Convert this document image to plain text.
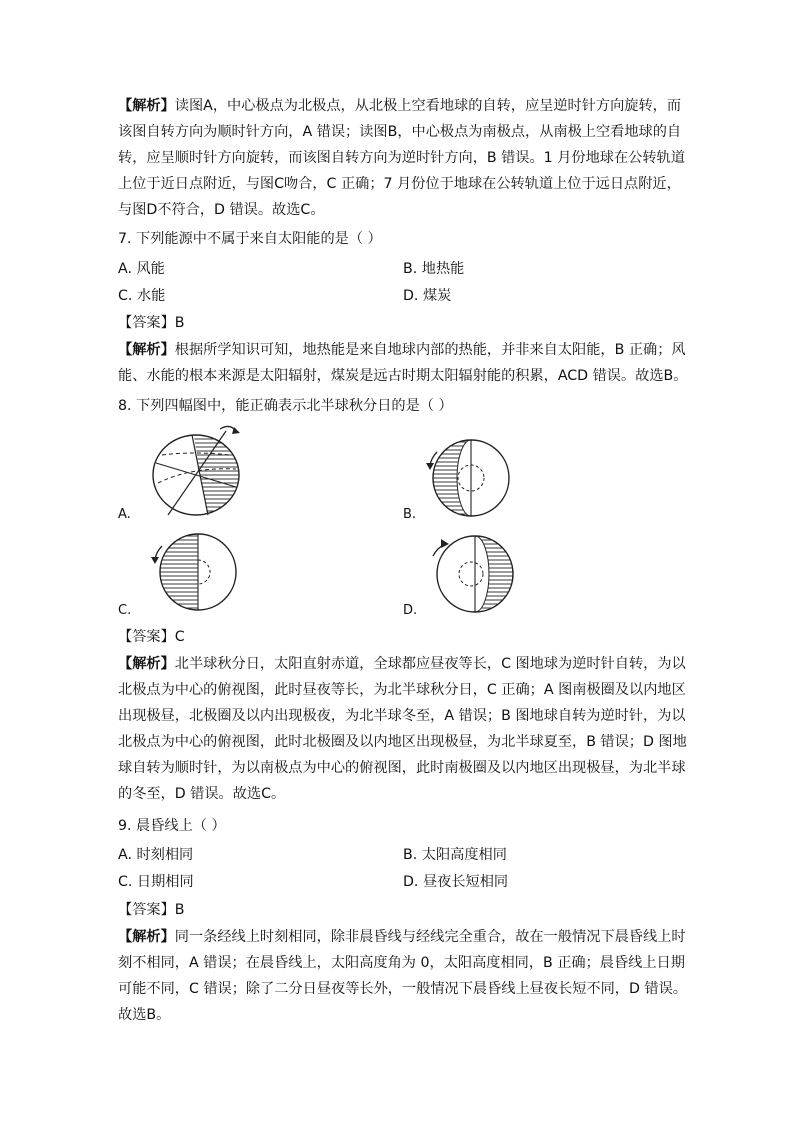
【解析】读图A，中心极点为北极点，从北极上空看地球的自转，应呈逆时针方向旋转，而
该图自转方向为顺时针方向，A 错误；读图B，中心极点为南极点，从南极上空看地球的自
转，应呈顺时针方向旋转，而该图自转方向为逆时针方向，B 错误。1 月份地球在公转轨道
上位于近日点附近，与图C吻合，C 正确；7 月份位于地球在公转轨道上位于远日点附近，
与图D不符合，D 错误。故选C。
7. 下列能源中不属于来自太阳能的是（ ）
A. 风能	B. 地热能
C. 水能	D. 煤炭
【答案】B
【解析】根据所学知识可知，地热能是来自地球内部的热能，并非来自太阳能，B 正确；风
能、水能的根本来源是太阳辐射，煤炭是远古时期太阳辐射能的积累，ACD 错误。故选B。
8. 下列四幅图中，能正确表示北半球秋分日的是（ ）
A.	B.
C.	D.
【答案】C
【解析】北半球秋分日，太阳直射赤道，全球都应昼夜等长，C 图地球为逆时针自转，为以
北极点为中心的俯视图，此时昼夜等长，为北半球秋分日，C 正确；A 图南极圈及以内地区
出现极昼，北极圈及以内出现极夜，为北半球冬至，A 错误；B 图地球自转为逆时针，为以
北极点为中心的俯视图，此时北极圈及以内地区出现极昼，为北半球夏至，B 错误；D 图地
球自转为顺时针，为以南极点为中心的俯视图，此时南极圈及以内地区出现极昼，为北半球
的冬至，D 错误。故选C。
9. 晨昏线上（ ）
A. 时刻相同	B. 太阳高度相同
C. 日期相同	D. 昼夜长短相同
【答案】B
【解析】同一条经线上时刻相同，除非晨昏线与经线完全重合，故在一般情况下晨昏线上时
刻不相同，A 错误；在晨昏线上，太阳高度角为 0，太阳高度相同，B 正确；晨昏线上日期
可能不同，C 错误；除了二分日昼夜等长外，一般情况下晨昏线上昼夜长短不同，D 错误。
故选B。
